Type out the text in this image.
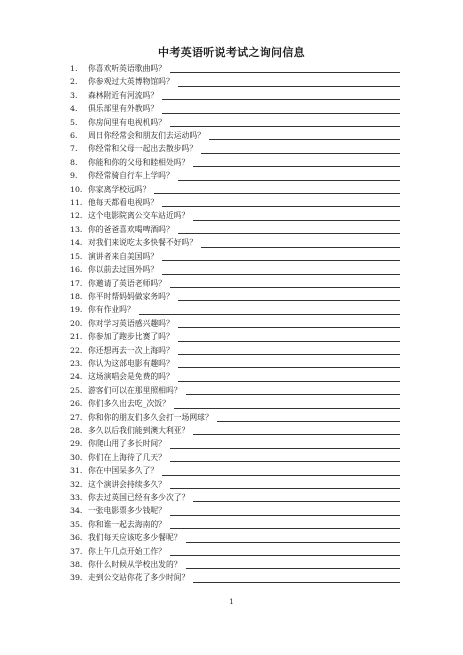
中考英语听说考试之询问信息
1.	你喜欢听英语歌曲吗？
2.	你参观过大英博物馆吗？
3.	森林附近有河流吗？
4.	俱乐部里有外教吗？
5.	你房间里有电视机吗？
6.	周日你经常会和朋友们去运动吗？
7.	你经常和父母一起出去散步吗？
8.	你能和你的父母和睦相处吗？
9.	你经常骑自行车上学吗？
10. 你家离学校远吗？
11. 他每天都看电视吗？
12. 这个电影院离公交车站近吗？
13. 你的爸爸喜欢喝啤酒吗？
14. 对我们来说吃太多快餐不好吗？
15. 演讲者来自美国吗？
16. 你以前去过国外吗？
17. 你邀请了英语老师吗？
18. 你平时帮妈妈做家务吗？
19. 你有作业吗？
20. 你对学习英语感兴趣吗？
21. 你参加了跑步比赛了吗？
22. 你还想再去一次上海吗？
23. 你认为这部电影有趣吗？
24. 这场演唱会是免费的吗？
25. 游客们可以在那里照相吗？
26. 你们多久出去吃_次饭？
27. 你和你的朋友们多久会打一场网球？
28. 多久以后我们能到澳大利亚？
29. 你爬山用了多长时间？
30. 你们在上海待了几天？
31. 你在中国呆多久了？
32. 这个演讲会持续多久？
33. 你去过英国已经有多少次了？
34. 一张电影票多少钱呢？
35. 你和谁一起去海南的？
36. 我们每天应该吃多少餐呢？
37. 你上午几点开始工作？
38. 你什么时候从学校出发的？
39. 走到公交站你花了多少时间？
1
